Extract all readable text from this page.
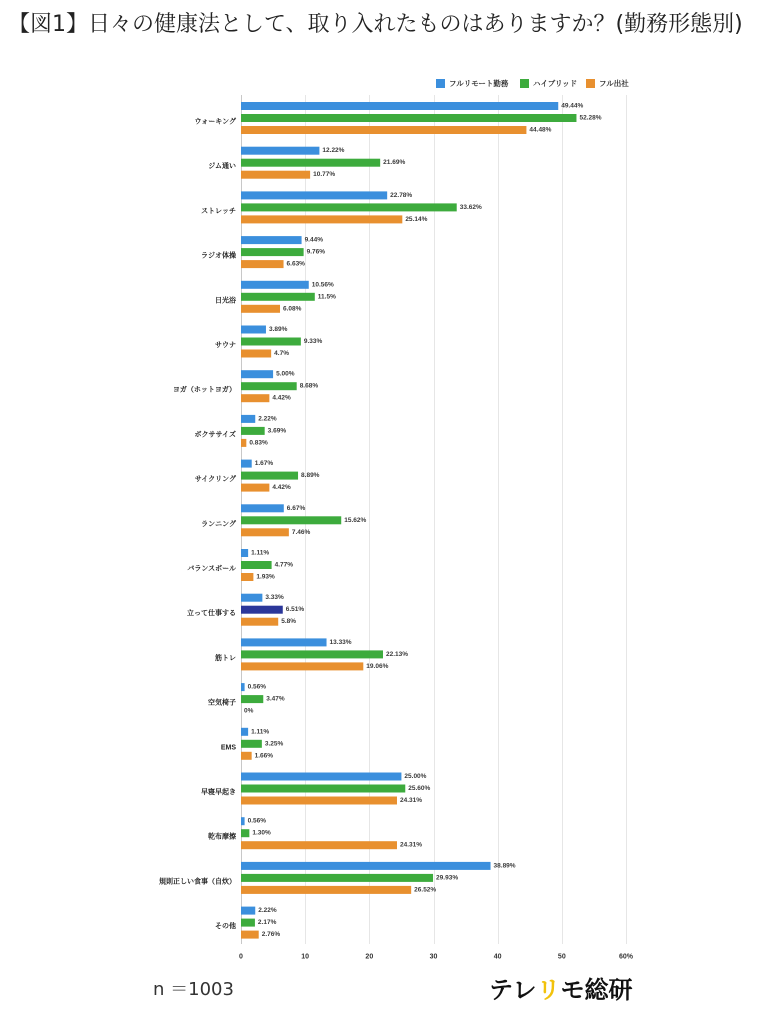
【図1】日々の健康法として、取り入れたものはありますか？(勤務形態別)
フルリモート勤務	ハイブリッド	フル出社
0	10	20	30	40	50	60%
ウォーキング
49.44%
52.28%
44.48%
ジム通い
12.22%
21.69%
10.77%
ストレッチ
22.78%
33.62%
25.14%
ラジオ体操
9.44%
9.76%
6.63%
日光浴
10.56%
11.5%
6.08%
サウナ
3.89%
9.33%
4.7%
ヨガ（ホットヨガ）
5.00%
8.68%
4.42%
ボクササイズ
2.22%
3.69%
0.83%
サイクリング
1.67%
8.89%
4.42%
ランニング
6.67%
15.62%
7.46%
バランスボール
1.11%
4.77%
1.93%
立って仕事する
3.33%
6.51%
5.8%
筋トレ
13.33%
22.13%
19.06%
空気椅子
0.56%
3.47%
0%
EMS
1.11%
3.25%
1.66%
早寝早起き
25.00%
25.60%
24.31%
乾布摩擦
0.56%
1.30%
24.31%
規則正しい食事（自炊）
38.89%
29.93%
26.52%
その他
2.22%
2.17%
2.76%
n ＝1003	テレリモ総研
